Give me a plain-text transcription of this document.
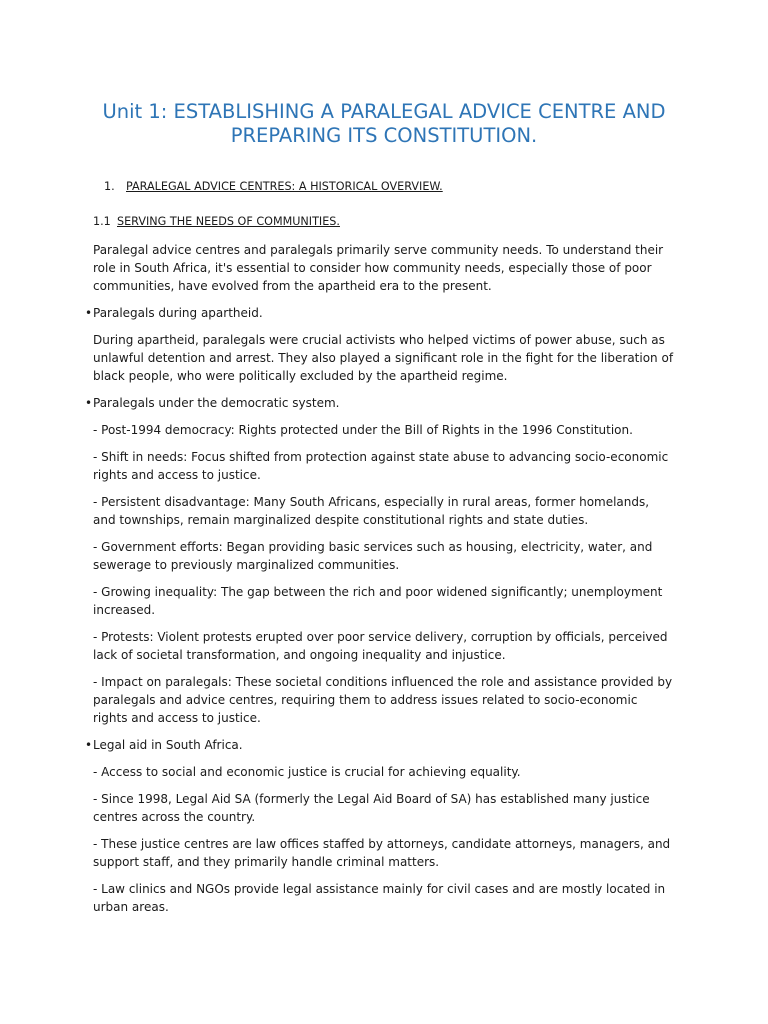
Unit 1: ESTABLISHING A PARALEGAL ADVICE CENTRE AND PREPARING ITS CONSTITUTION.
1. PARALEGAL ADVICE CENTRES: A HISTORICAL OVERVIEW.
1.1 SERVING THE NEEDS OF COMMUNITIES.

Paralegal advice centres and paralegals primarily serve community needs. To understand their role in South Africa, it's essential to consider how community needs, especially those of poor communities, have evolved from the apartheid era to the present.

• Paralegals during apartheid.

During apartheid, paralegals were crucial activists who helped victims of power abuse, such as unlawful detention and arrest. They also played a significant role in the fight for the liberation of black people, who were politically excluded by the apartheid regime.

• Paralegals under the democratic system.

- Post-1994 democracy: Rights protected under the Bill of Rights in the 1996 Constitution.

- Shift in needs: Focus shifted from protection against state abuse to advancing socio-economic rights and access to justice.

- Persistent disadvantage: Many South Africans, especially in rural areas, former homelands, and townships, remain marginalized despite constitutional rights and state duties.

- Government efforts: Began providing basic services such as housing, electricity, water, and sewerage to previously marginalized communities.

- Growing inequality: The gap between the rich and poor widened significantly; unemployment increased.

- Protests: Violent protests erupted over poor service delivery, corruption by officials, perceived lack of societal transformation, and ongoing inequality and injustice.

- Impact on paralegals: These societal conditions influenced the role and assistance provided by paralegals and advice centres, requiring them to address issues related to socio-economic rights and access to justice.

• Legal aid in South Africa.

- Access to social and economic justice is crucial for achieving equality.

- Since 1998, Legal Aid SA (formerly the Legal Aid Board of SA) has established many justice centres across the country.

- These justice centres are law offices staffed by attorneys, candidate attorneys, managers, and support staff, and they primarily handle criminal matters.

- Law clinics and NGOs provide legal assistance mainly for civil cases and are mostly located in urban areas.
